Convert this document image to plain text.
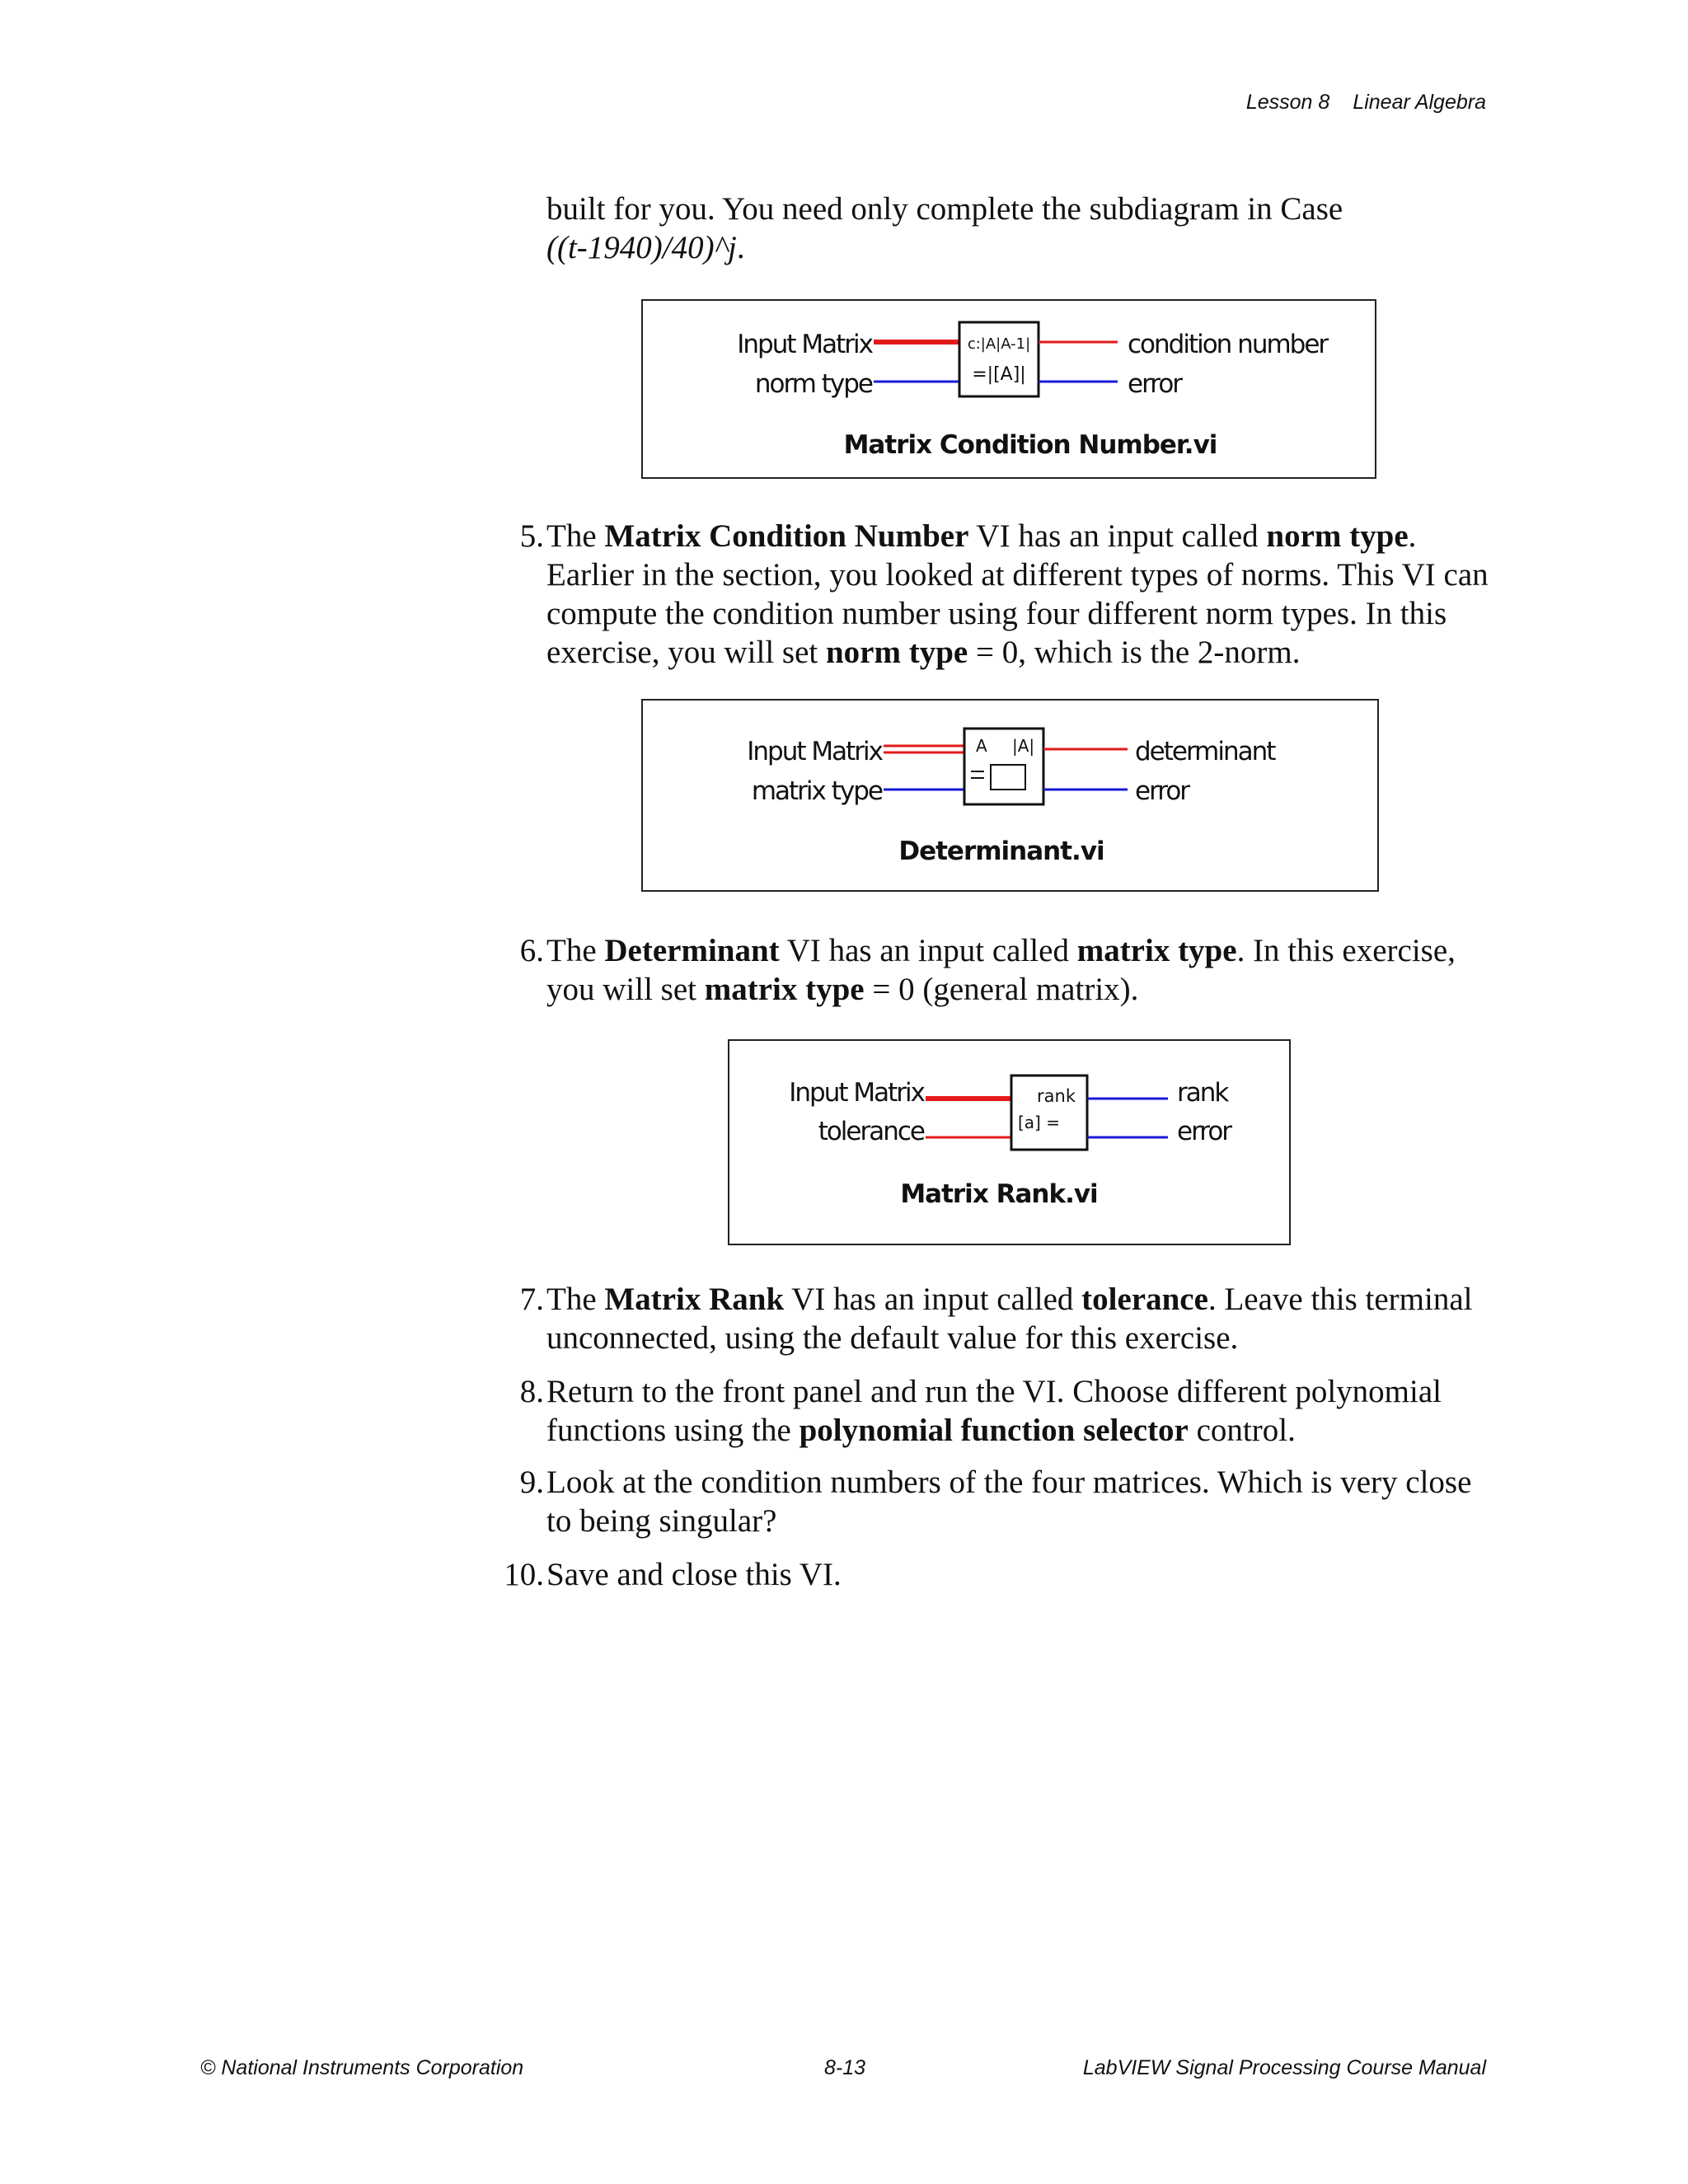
Lesson 8 Linear Algebra
built for you. You need only complete the subdiagram in Case
((t-1940)/40)^j.
Input Matrix
norm type
c:|A|A-1|
=|[A]|
condition number
error
Matrix Condition Number.vi
5. The Matrix Condition Number VI has an input called norm type. Earlier in the section, you looked at different types of norms. This VI can compute the condition number using four different norm types. In this exercise, you will set norm type = 0, which is the 2-norm.
Input Matrix
matrix type
A |A|	determinant
error
Determinant.vi
6. The Determinant VI has an input called matrix type. In this exercise, you will set matrix type = 0 (general matrix).
Input Matrix
tolerance
rank
[a] =
rank
error
Matrix Rank.vi
7. The Matrix Rank VI has an input called tolerance. Leave this terminal unconnected, using the default value for this exercise.
8. Return to the front panel and run the VI. Choose different polynomial functions using the polynomial function selector control.
9. Look at the condition numbers of the four matrices. Which is very close to being singular?
10. Save and close this VI.
© National Instruments Corporation	8-13	LabVIEW Signal Processing Course Manual
